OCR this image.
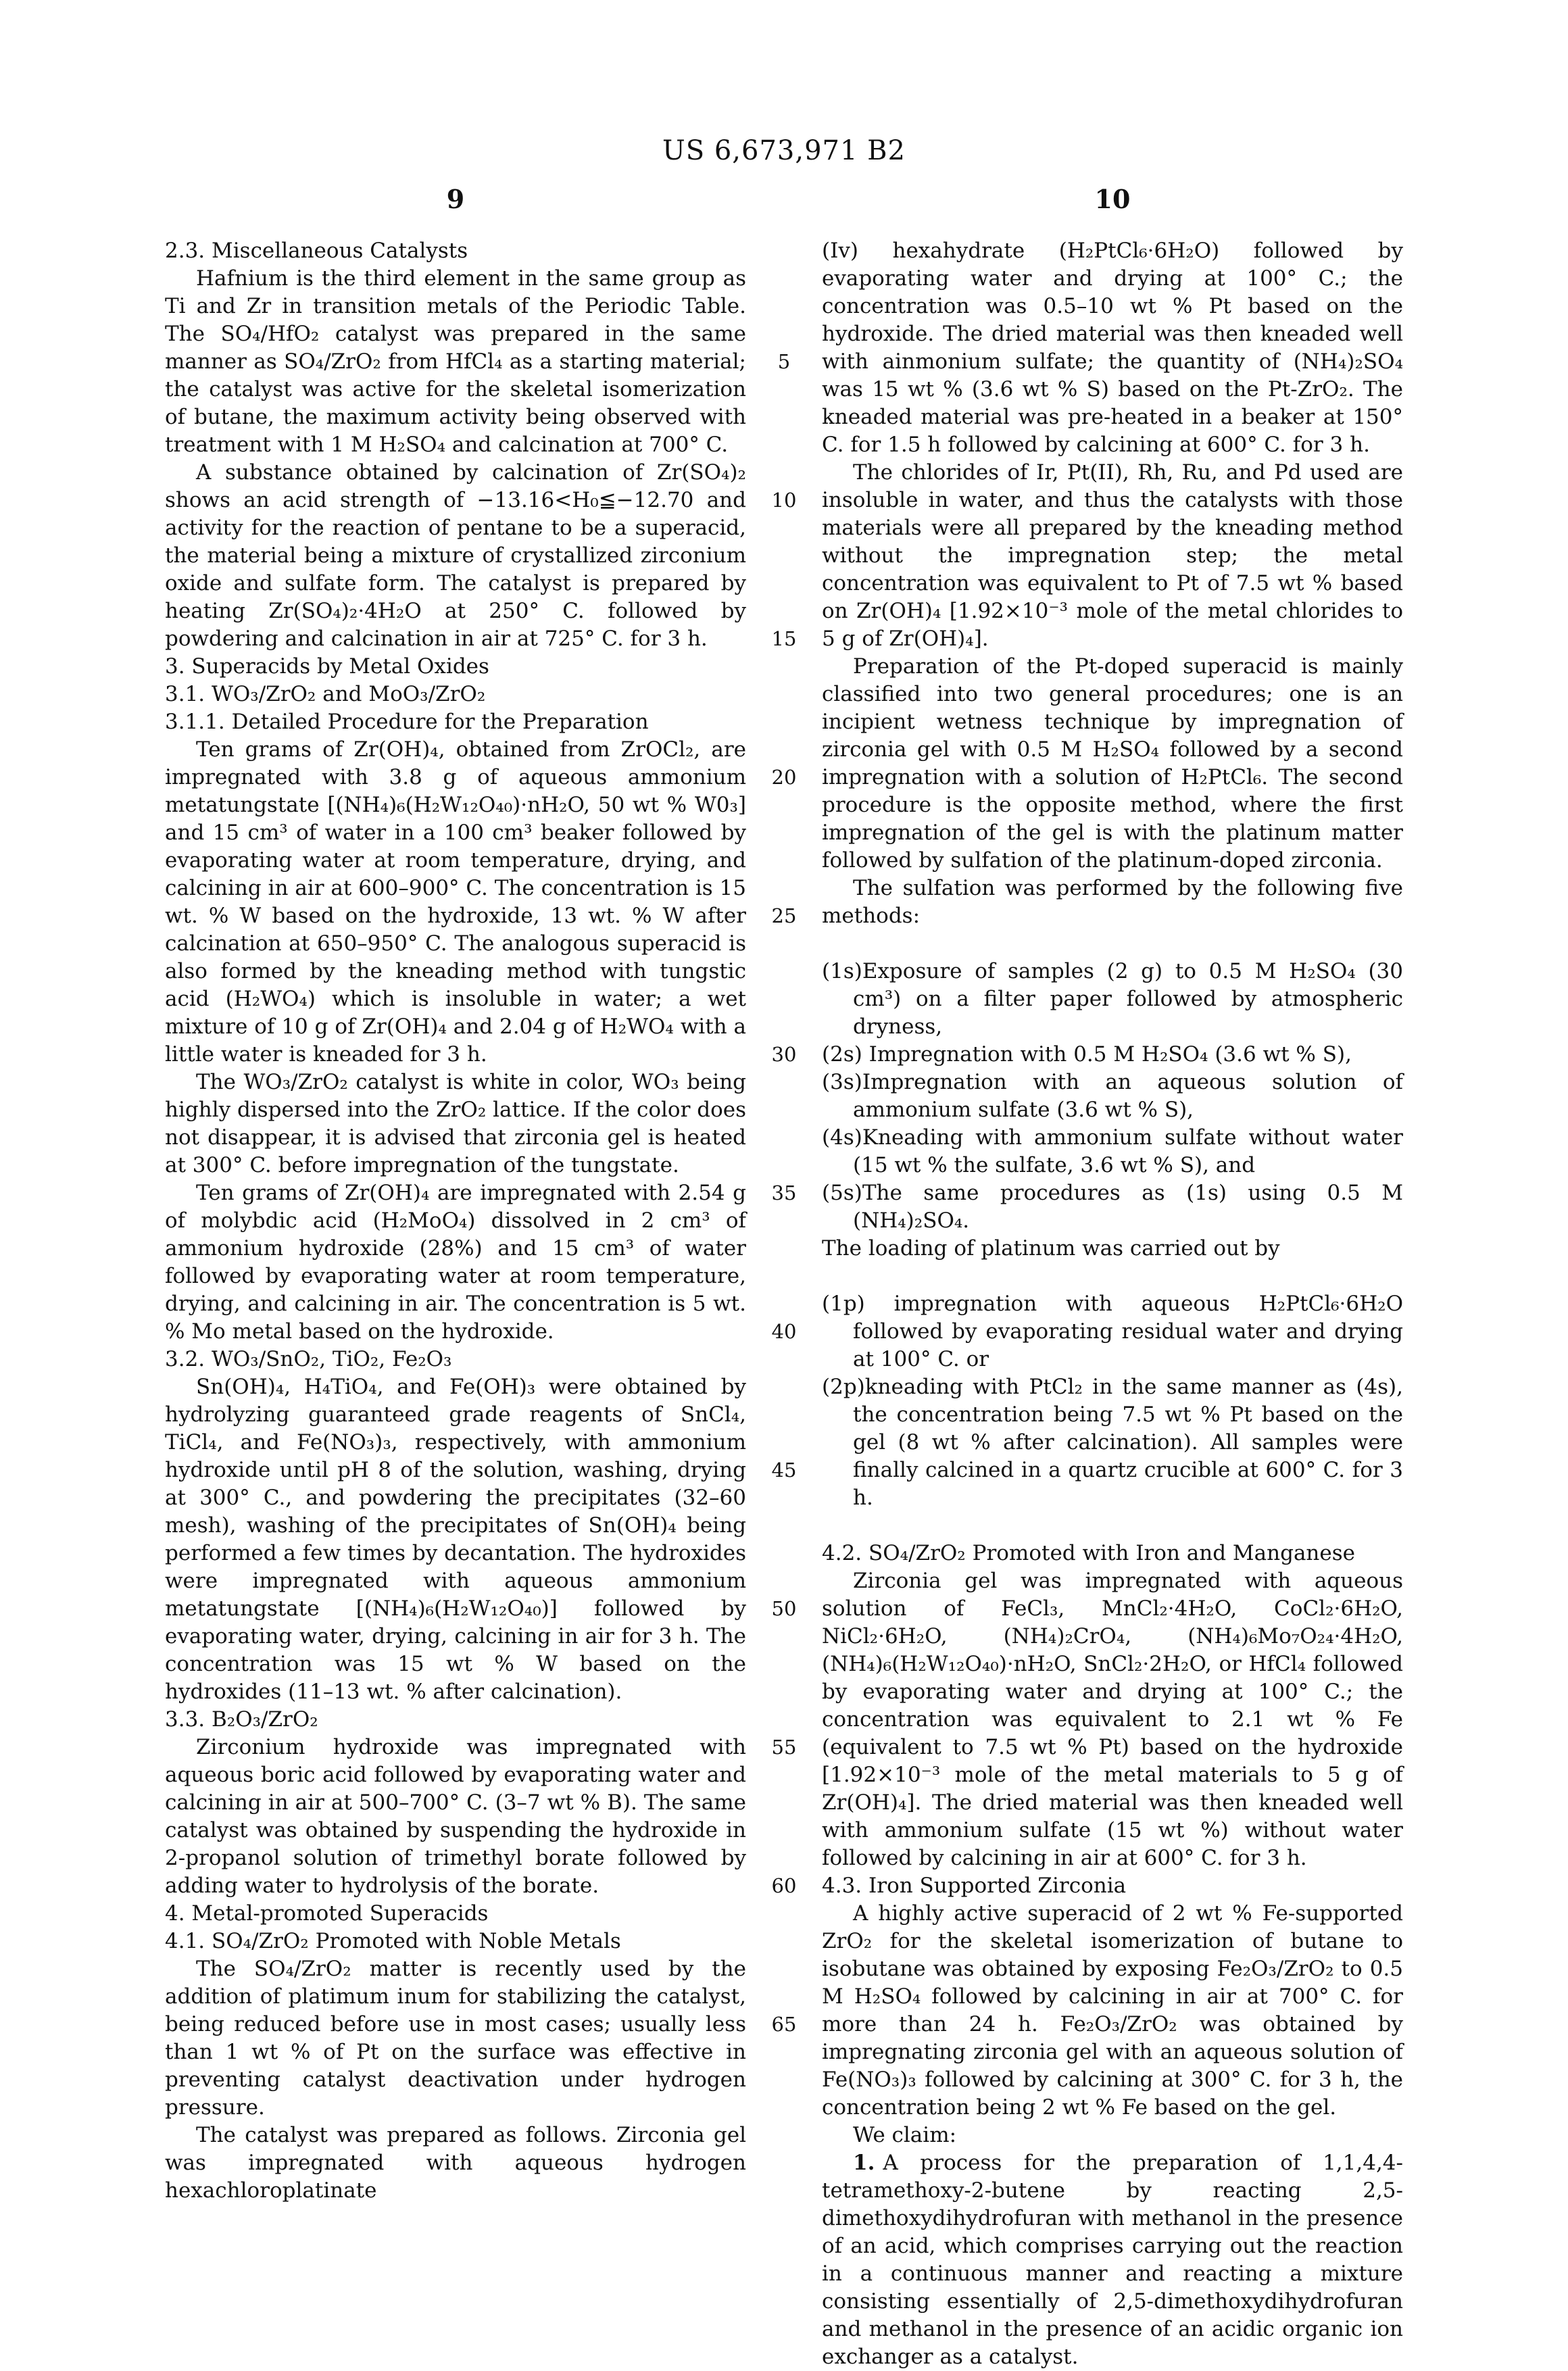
US 6,673,971 B2
9	10
2.3. Miscellaneous Catalysts
Hafnium is the third element in the same group as Ti and Zr in transition metals of the Periodic Table. The SO₄/HfO₂ catalyst was prepared in the same manner as SO₄/ZrO₂ from HfCl₄ as a starting material; the catalyst was active for the skeletal isomerization of butane, the maximum activity being observed with treatment with 1 M H₂SO₄ and calcination at 700° C.
A substance obtained by calcination of Zr(SO₄)₂ shows an acid strength of −13.16<H₀≦−12.70 and activity for the reaction of pentane to be a superacid, the material being a mixture of crystallized zirconium oxide and sulfate form. The catalyst is prepared by heating Zr(SO₄)₂·4H₂O at 250° C. followed by powdering and calcination in air at 725° C. for 3 h.
3. Superacids by Metal Oxides
3.1. WO₃/ZrO₂ and MoO₃/ZrO₂
3.1.1. Detailed Procedure for the Preparation
Ten grams of Zr(OH)₄, obtained from ZrOCl₂, are impregnated with 3.8 g of aqueous ammonium metatungstate [(NH₄)₆(H₂W₁₂O₄₀)·nH₂O, 50 wt % W0₃] and 15 cm³ of water in a 100 cm³ beaker followed by evaporating water at room temperature, drying, and calcining in air at 600–900° C. The concentration is 15 wt. % W based on the hydroxide, 13 wt. % W after calcination at 650–950° C. The analogous superacid is also formed by the kneading method with tungstic acid (H₂WO₄) which is insoluble in water; a wet mixture of 10 g of Zr(OH)₄ and 2.04 g of H₂WO₄ with a little water is kneaded for 3 h.
The WO₃/ZrO₂ catalyst is white in color, WO₃ being highly dispersed into the ZrO₂ lattice. If the color does not disappear, it is advised that zirconia gel is heated at 300° C. before impregnation of the tungstate.
Ten grams of Zr(OH)₄ are impregnated with 2.54 g of molybdic acid (H₂MoO₄) dissolved in 2 cm³ of ammonium hydroxide (28%) and 15 cm³ of water followed by evaporating water at room temperature, drying, and calcining in air. The concentration is 5 wt. % Mo metal based on the hydroxide.
3.2. WO₃/SnO₂, TiO₂, Fe₂O₃
Sn(OH)₄, H₄TiO₄, and Fe(OH)₃ were obtained by hydrolyzing guaranteed grade reagents of SnCl₄, TiCl₄, and Fe(NO₃)₃, respectively, with ammonium hydroxide until pH 8 of the solution, washing, drying at 300° C., and powdering the precipitates (32–60 mesh), washing of the precipitates of Sn(OH)₄ being performed a few times by decantation. The hydroxides were impregnated with aqueous ammonium metatungstate [(NH₄)₆(H₂W₁₂O₄₀)] followed by evaporating water, drying, calcining in air for 3 h. The concentration was 15 wt % W based on the hydroxides (11–13 wt. % after calcination).
3.3. B₂O₃/ZrO₂
Zirconium hydroxide was impregnated with aqueous boric acid followed by evaporating water and calcining in air at 500–700° C. (3–7 wt % B). The same catalyst was obtained by suspending the hydroxide in 2-propanol solution of trimethyl borate followed by adding water to hydrolysis of the borate.
4. Metal-promoted Superacids
4.1. SO₄/ZrO₂ Promoted with Noble Metals
The SO₄/ZrO₂ matter is recently used by the addition of platimum inum for stabilizing the catalyst, being reduced before use in most cases; usually less than 1 wt % of Pt on the surface was effective in preventing catalyst deactivation under hydrogen pressure.
The catalyst was prepared as follows. Zirconia gel was impregnated with aqueous hydrogen hexachloroplatinate
5
10
15
20
25
30
35
40
45
50
55
60
65
(Iv) hexahydrate (H₂PtCl₆·6H₂O) followed by evaporating water and drying at 100° C.; the concentration was 0.5–10 wt % Pt based on the hydroxide. The dried material was then kneaded well with ainmonium sulfate; the quantity of (NH₄)₂SO₄ was 15 wt % (3.6 wt % S) based on the Pt-ZrO₂. The kneaded material was pre-heated in a beaker at 150° C. for 1.5 h followed by calcining at 600° C. for 3 h.
The chlorides of Ir, Pt(II), Rh, Ru, and Pd used are insoluble in water, and thus the catalysts with those materials were all prepared by the kneading method without the impregnation step; the metal concentration was equivalent to Pt of 7.5 wt % based on Zr(OH)₄ [1.92×10⁻³ mole of the metal chlorides to 5 g of Zr(OH)₄].
Preparation of the Pt-doped superacid is mainly classified into two general procedures; one is an incipient wetness technique by impregnation of zirconia gel with 0.5 M H₂SO₄ followed by a second impregnation with a solution of H₂PtCl₆. The second procedure is the opposite method, where the first impregnation of the gel is with the platinum matter followed by sulfation of the platinum-doped zirconia.
The sulfation was performed by the following five methods:
(1s)Exposure of samples (2 g) to 0.5 M H₂SO₄ (30 cm³) on a filter paper followed by atmospheric dryness,
(2s) Impregnation with 0.5 M H₂SO₄ (3.6 wt % S),
(3s)Impregnation with an aqueous solution of ammonium sulfate (3.6 wt % S),
(4s)Kneading with ammonium sulfate without water (15 wt % the sulfate, 3.6 wt % S), and
(5s)The same procedures as (1s) using 0.5 M (NH₄)₂SO₄.
The loading of platinum was carried out by
(1p) impregnation with aqueous H₂PtCl₆·6H₂O followed by evaporating residual water and drying at 100° C. or
(2p)kneading with PtCl₂ in the same manner as (4s), the concentration being 7.5 wt % Pt based on the gel (8 wt % after calcination). All samples were finally calcined in a quartz crucible at 600° C. for 3 h.
4.2. SO₄/ZrO₂ Promoted with Iron and Manganese
Zirconia gel was impregnated with aqueous solution of FeCl₃, MnCl₂·4H₂O, CoCl₂·6H₂O, NiCl₂·6H₂O, (NH₄)₂CrO₄, (NH₄)₆Mo₇O₂₄·4H₂O, (NH₄)₆(H₂W₁₂O₄₀)·nH₂O, SnCl₂·2H₂O, or HfCl₄ followed by evaporating water and drying at 100° C.; the concentration was equivalent to 2.1 wt % Fe (equivalent to 7.5 wt % Pt) based on the hydroxide [1.92×10⁻³ mole of the metal materials to 5 g of Zr(OH)₄]. The dried material was then kneaded well with ammonium sulfate (15 wt %) without water followed by calcining in air at 600° C. for 3 h.
4.3. Iron Supported Zirconia
A highly active superacid of 2 wt % Fe-supported ZrO₂ for the skeletal isomerization of butane to isobutane was obtained by exposing Fe₂O₃/ZrO₂ to 0.5 M H₂SO₄ followed by calcining in air at 700° C. for more than 24 h. Fe₂O₃/ZrO₂ was obtained by impregnating zirconia gel with an aqueous solution of Fe(NO₃)₃ followed by calcining at 300° C. for 3 h, the concentration being 2 wt % Fe based on the gel.
We claim:
1. A process for the preparation of 1,1,4,4-tetramethoxy-2-butene by reacting 2,5-dimethoxydihydrofuran with methanol in the presence of an acid, which comprises carrying out the reaction in a continuous manner and reacting a mixture consisting essentially of 2,5-dimethoxydihydrofuran and methanol in the presence of an acidic organic ion exchanger as a catalyst.
